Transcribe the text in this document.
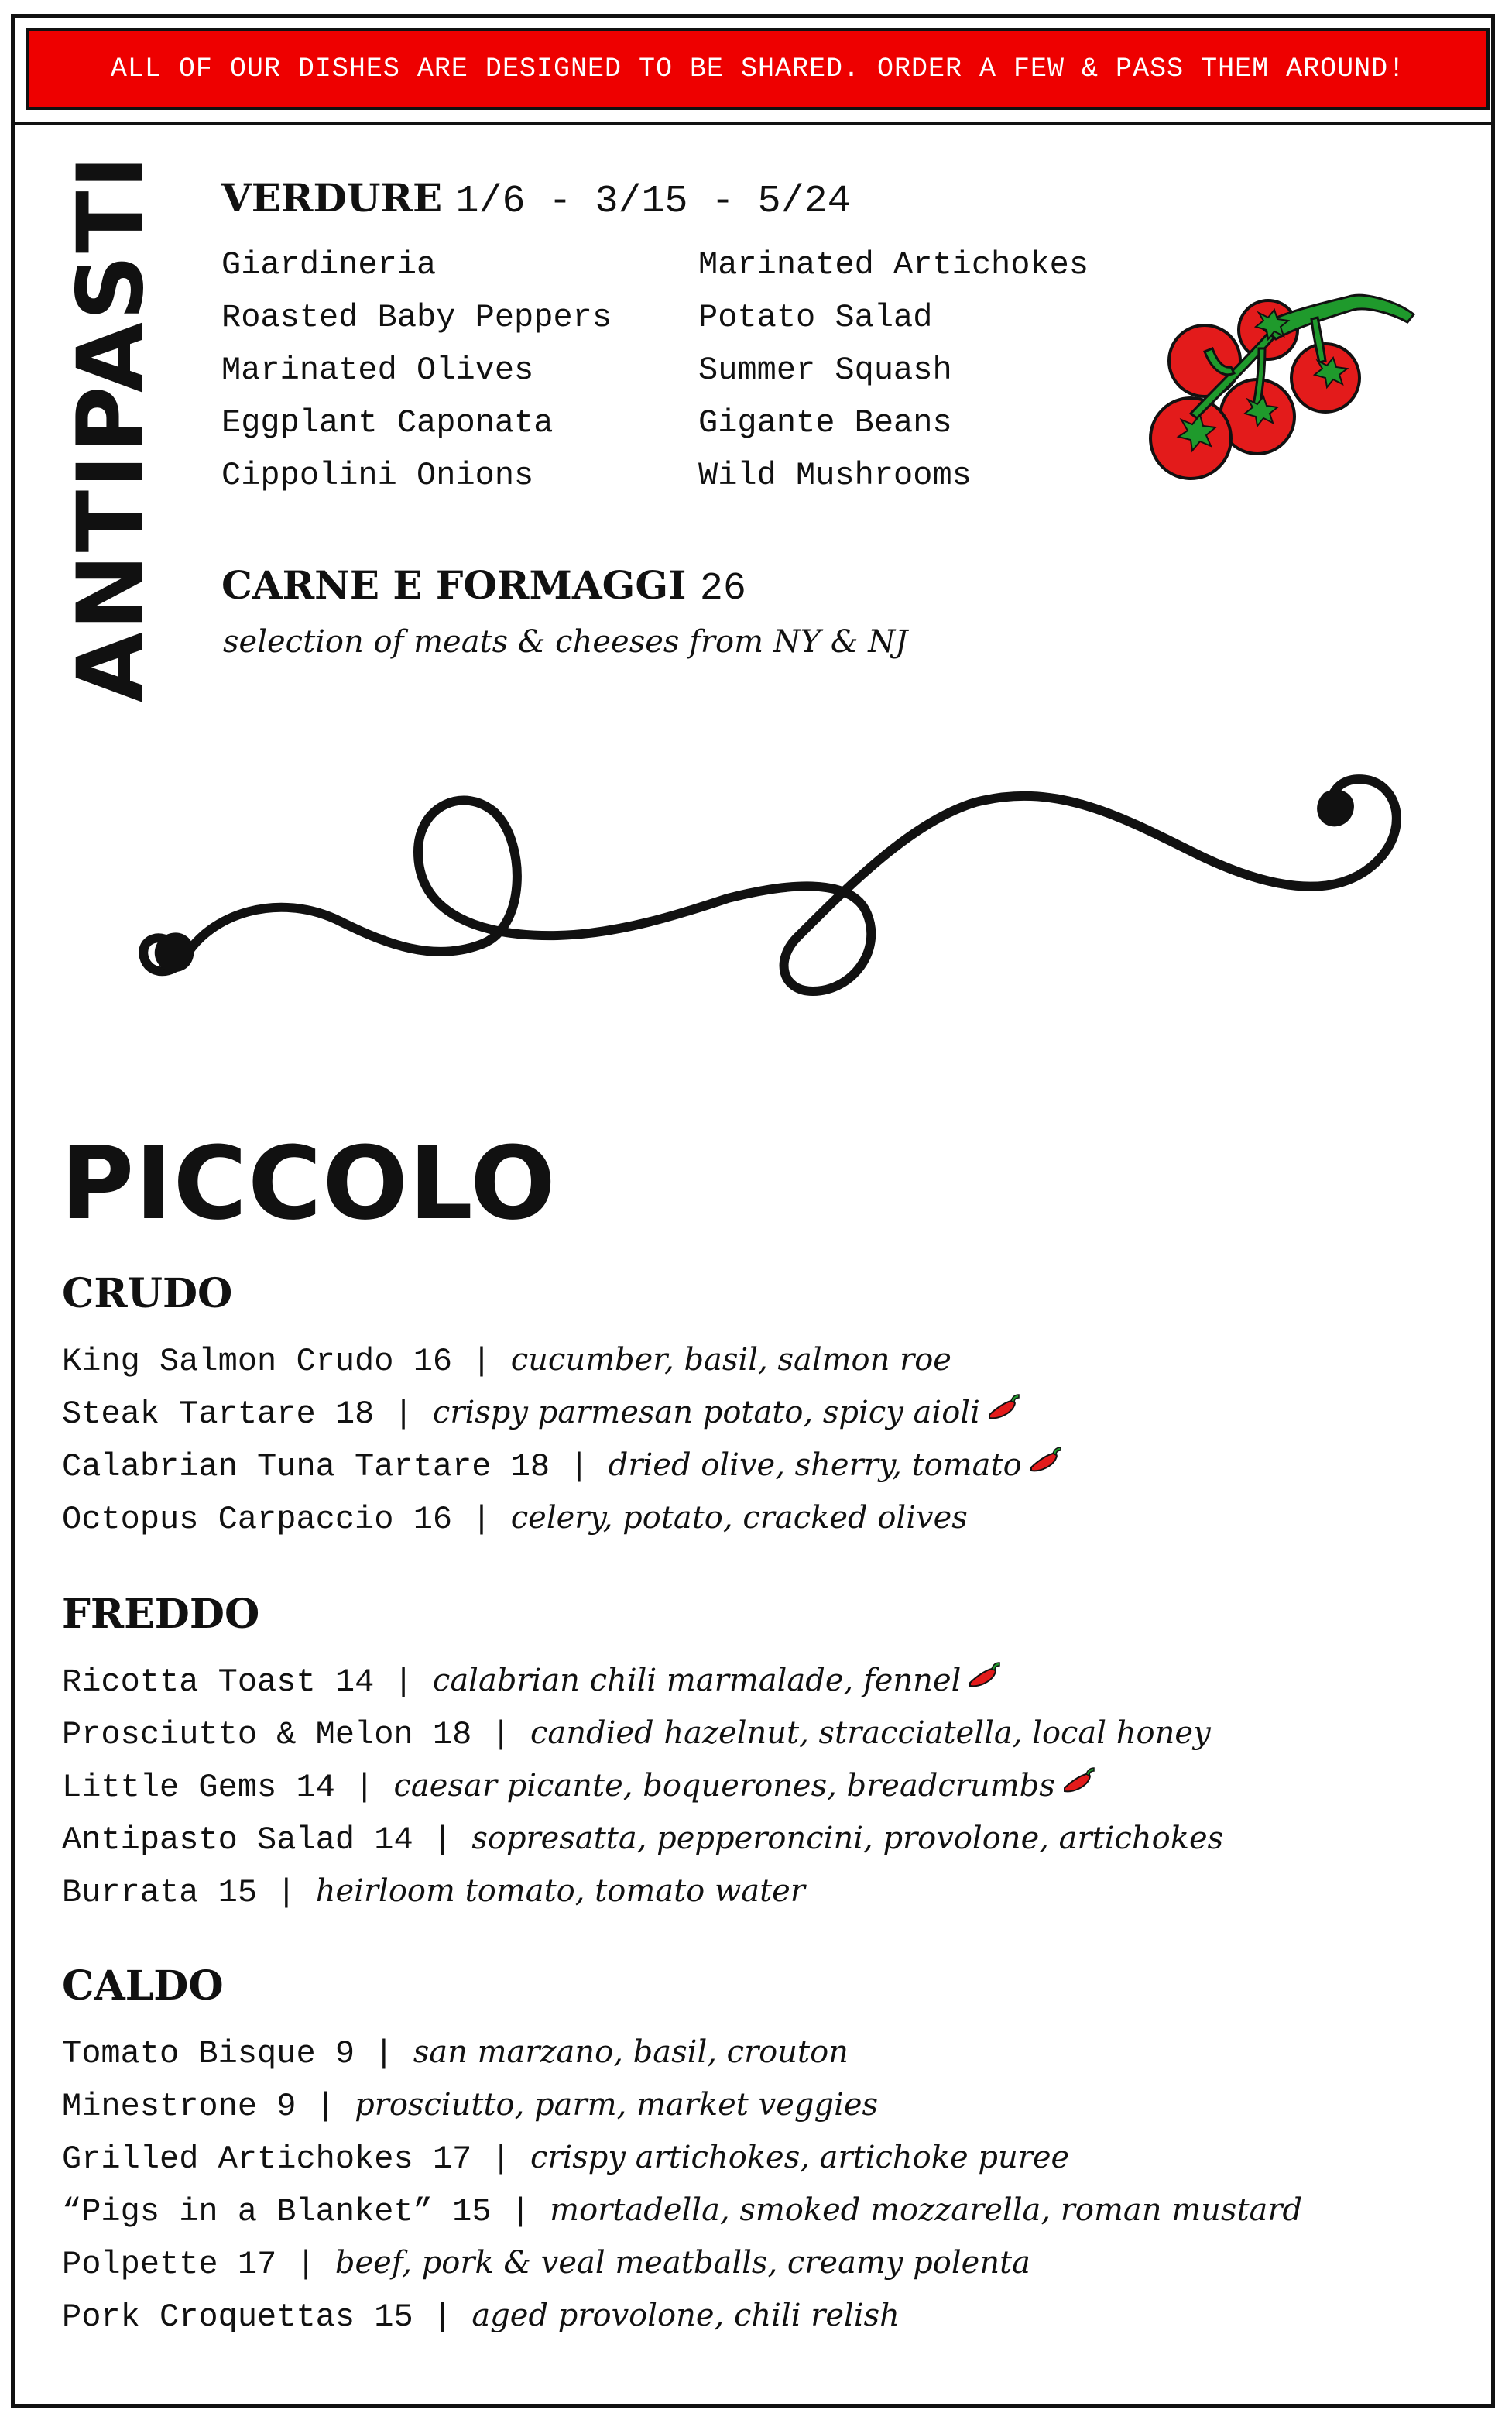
ALL OF OUR DISHES ARE DESIGNED TO BE SHARED. ORDER A FEW & PASS THEM AROUND!
ANTIPASTI VERDURE 1/6 - 3/15 - 5/24
Giardineria
Roasted Baby Peppers
Marinated Olives
Eggplant Caponata
Cippolini Onions
Marinated Artichokes
Potato Salad
Summer Squash
Gigante Beans
Wild Mushrooms
CARNE E FORMAGGI 26
selection of meats & cheeses from NY & NJ
PICCOLO
CRUDO
King Salmon Crudo 16 | cucumber, basil, salmon roe
Steak Tartare 18 | crispy parmesan potato, spicy aioli
Calabrian Tuna Tartare 18 | dried olive, sherry, tomato
Octopus Carpaccio 16 | celery, potato, cracked olives
FREDDO
Ricotta Toast 14 | calabrian chili marmalade, fennel
Prosciutto & Melon 18 | candied hazelnut, stracciatella, local honey
Little Gems 14 | caesar picante, boquerones, breadcrumbs
Antipasto Salad 14 | sopresatta, pepperoncini, provolone, artichokes
Burrata 15 | heirloom tomato, tomato water
CALDO
Tomato Bisque 9 | san marzano, basil, crouton
Minestrone 9 | prosciutto, parm, market veggies
Grilled Artichokes 17 | crispy artichokes, artichoke puree
“Pigs in a Blanket” 15 | mortadella, smoked mozzarella, roman mustard
Polpette 17 | beef, pork & veal meatballs, creamy polenta
Pork Croquettas 15 | aged provolone, chili relish
